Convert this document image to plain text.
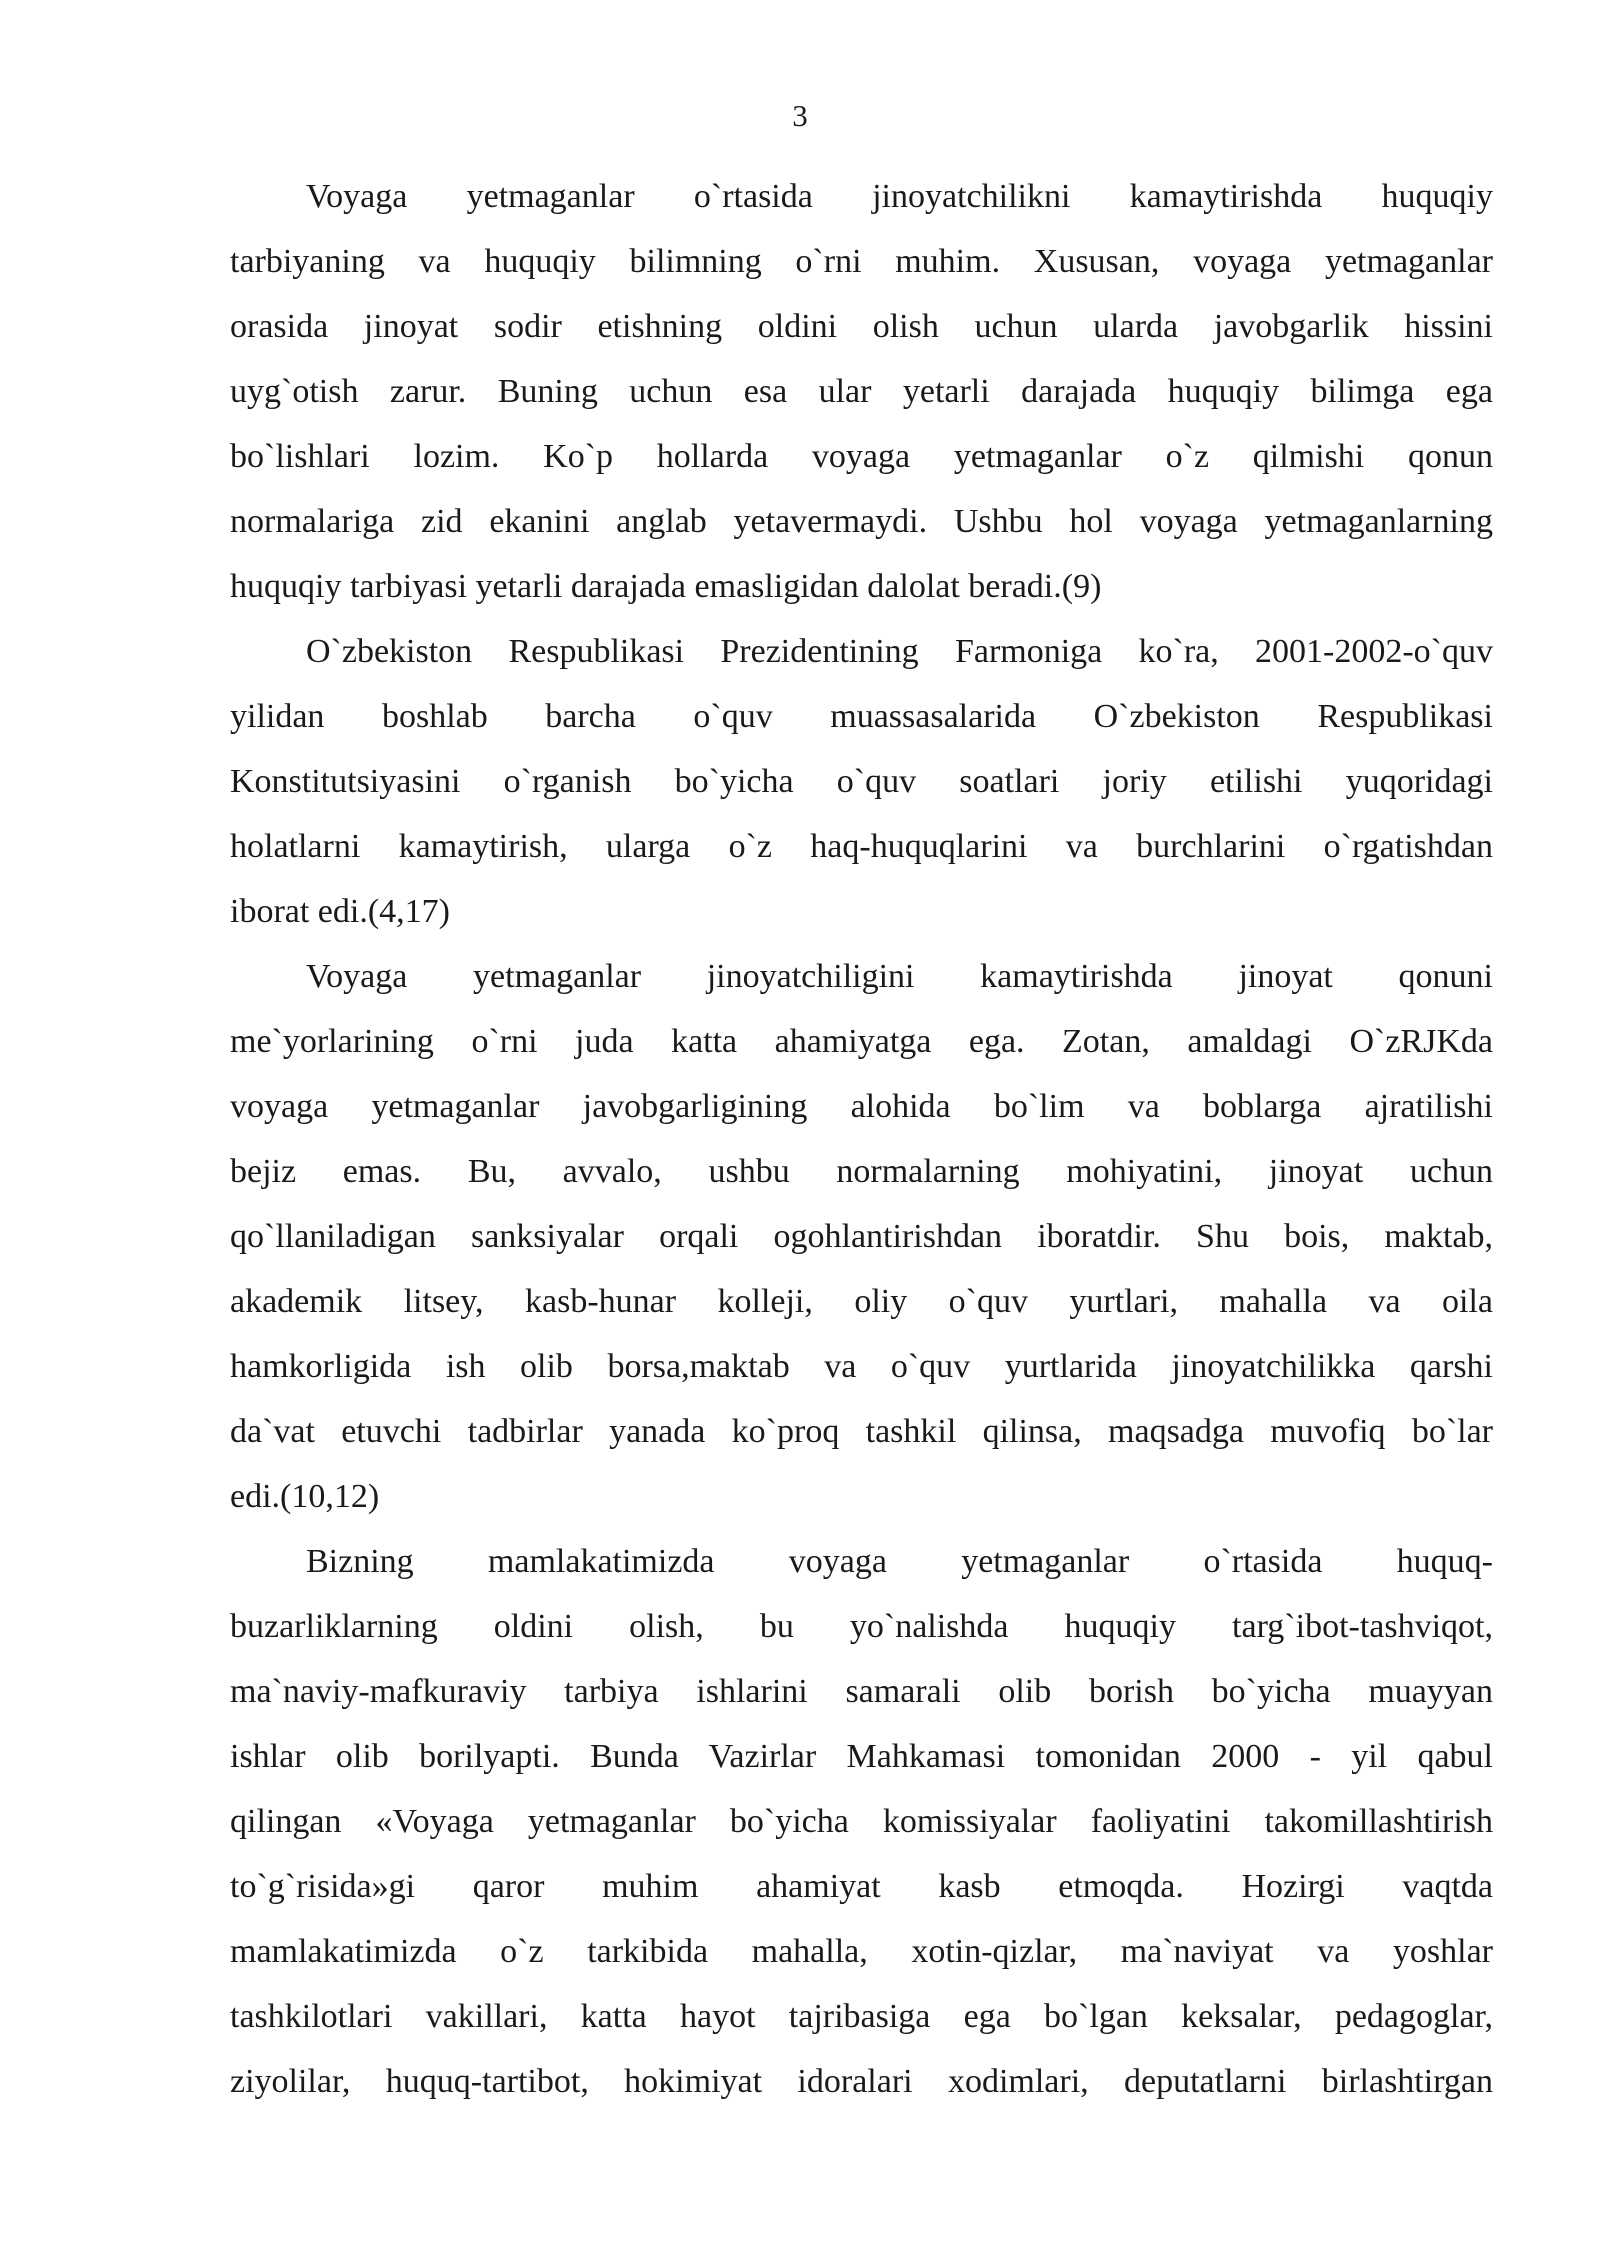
3
Voyaga yetmaganlar o`rtasida jinoyatchilikni kamaytirishda huquqiy
tarbiyaning va huquqiy bilimning o`rni muhim. Xususan, voyaga yetmaganlar
orasida jinoyat sodir etishning oldini olish uchun ularda javobgarlik hissini
uyg`otish zarur. Buning uchun esa ular yetarli darajada huquqiy bilimga ega
bo`lishlari lozim. Ko`p hollarda voyaga yetmaganlar o`z qilmishi qonun
normalariga zid ekanini anglab yetavermaydi. Ushbu hol voyaga yetmaganlarning
huquqiy tarbiyasi yetarli darajada emasligidan dalolat beradi.(9)
O`zbekiston Respublikasi Prezidentining Farmoniga ko`ra, 2001-2002-o`quv
yilidan boshlab barcha o`quv muassasalarida O`zbekiston Respublikasi
Konstitutsiyasini o`rganish bo`yicha o`quv soatlari joriy etilishi yuqoridagi
holatlarni kamaytirish, ularga o`z haq-huquqlarini va burchlarini o`rgatishdan
iborat edi.(4,17)
Voyaga yetmaganlar jinoyatchiligini kamaytirishda jinoyat qonuni
me`yorlarining o`rni juda katta ahamiyatga ega. Zotan, amaldagi O`zRJKda
voyaga yetmaganlar javobgarligining alohida bo`lim va boblarga ajratilishi
bejiz emas. Bu, avvalo, ushbu normalarning mohiyatini, jinoyat uchun
qo`llaniladigan sanksiyalar orqali ogohlantirishdan iboratdir. Shu bois, maktab,
akademik litsey, kasb-hunar kolleji, oliy o`quv yurtlari, mahalla va oila
hamkorligida ish olib borsa,maktab va o`quv yurtlarida jinoyatchilikka qarshi
da`vat etuvchi tadbirlar yanada ko`proq tashkil qilinsa, maqsadga muvofiq bo`lar
edi.(10,12)
Bizning mamlakatimizda voyaga yetmaganlar o`rtasida huquq-
buzarliklarning oldini olish, bu yo`nalishda huquqiy targ`ibot-tashviqot,
ma`naviy-mafkuraviy tarbiya ishlarini samarali olib borish bo`yicha muayyan
ishlar olib borilyapti. Bunda Vazirlar Mahkamasi tomonidan 2000 - yil qabul
qilingan «Voyaga yetmaganlar bo`yicha komissiyalar faoliyatini takomillashtirish
to`g`risida»gi qaror muhim ahamiyat kasb etmoqda. Hozirgi vaqtda
mamlakatimizda o`z tarkibida mahalla, xotin-qizlar, ma`naviyat va yoshlar
tashkilotlari vakillari, katta hayot tajribasiga ega bo`lgan keksalar, pedagoglar,
ziyolilar, huquq-tartibot, hokimiyat idoralari xodimlari, deputatlarni birlashtirgan
